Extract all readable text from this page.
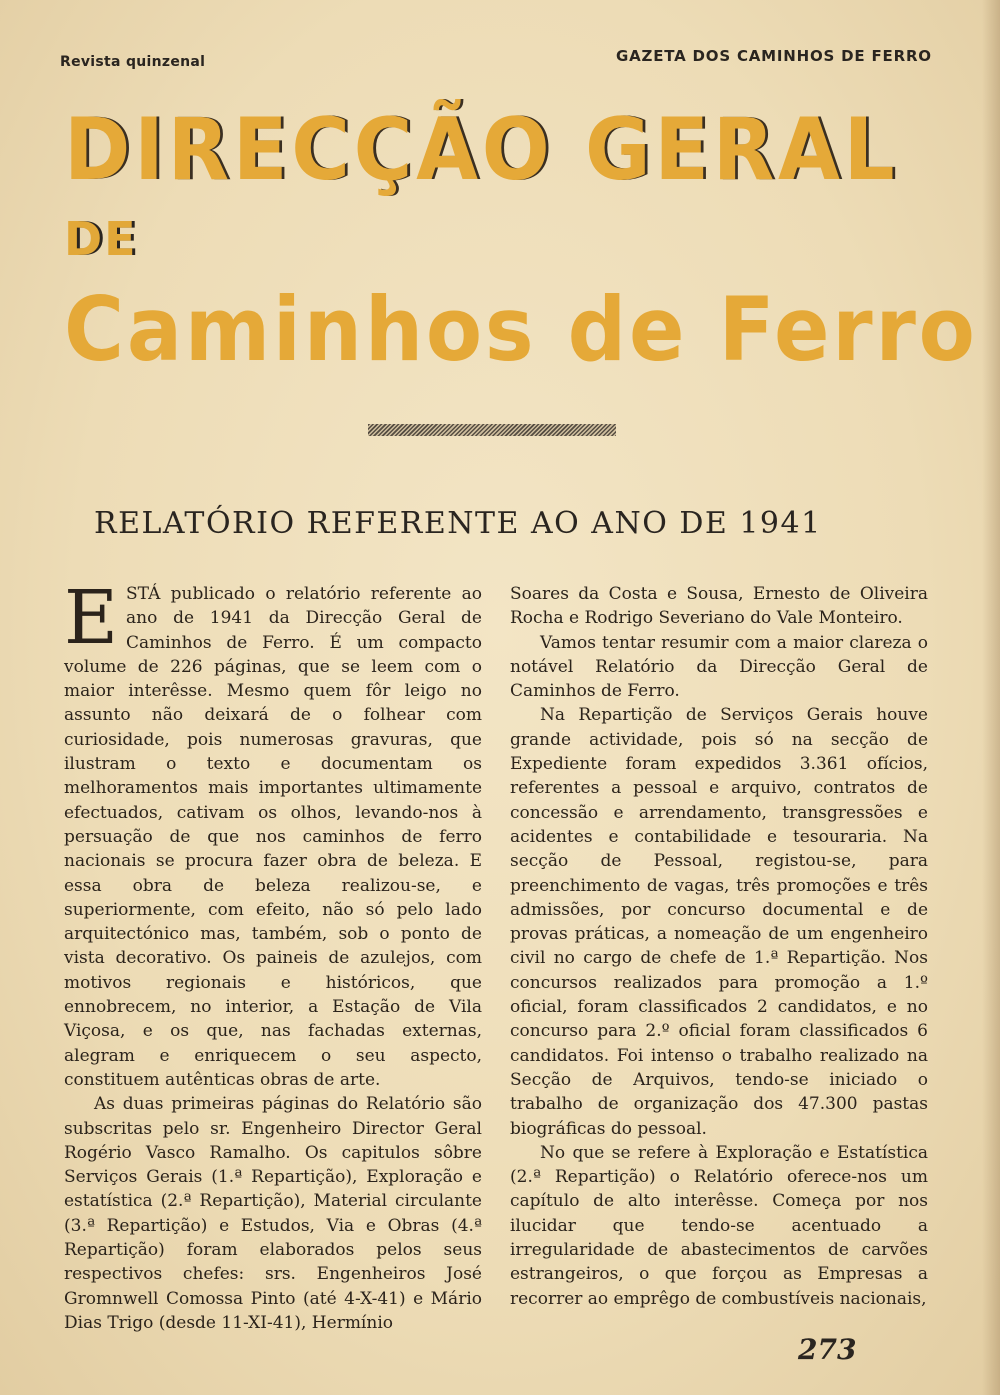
Revista quinzenal	GAZETA DOS CAMINHOS DE FERRO
DIRECÇÃO GERAL
DE
Caminhos de Ferro
RELATÓRIO REFERENTE AO ANO DE 1941

ESTÁ publicado o relatório referente ao ano de 1941 da Direcção Geral de Caminhos de Ferro. É um compacto volume de 226 páginas, que se leem com o maior interêsse. Mesmo quem fôr leigo no assunto não deixará de o folhear com curiosidade, pois numerosas gravuras, que ilustram o texto e documentam os melhoramentos mais importantes ultimamente efectuados, cativam os olhos, levando-nos à persuação de que nos caminhos de ferro nacionais se procura fazer obra de beleza. E essa obra de beleza realizou-se, e superiormente, com efeito, não só pelo lado arquitectónico mas, também, sob o ponto de vista decorativo. Os paineis de azulejos, com motivos regionais e históricos, que ennobrecem, no interior, a Estação de Vila Viçosa, e os que, nas fachadas externas, alegram e enriquecem o seu aspecto, constituem autênticas obras de arte.

As duas primeiras páginas do Relatório são subscritas pelo sr. Engenheiro Director Geral Rogério Vasco Ramalho. Os capitulos sôbre Serviços Gerais (1.ª Repartição), Exploração e estatística (2.ª Repartição), Material circulante (3.ª Repartição) e Estudos, Via e Obras (4.ª Repartição) foram elaborados pelos seus respectivos chefes: srs. Engenheiros José Gromnwell Comossa Pinto (até 4-X-41) e Mário Dias Trigo (desde 11-XI-41), Hermínio

Soares da Costa e Sousa, Ernesto de Oliveira Rocha e Rodrigo Severiano do Vale Monteiro.

Vamos tentar resumir com a maior clareza o notável Relatório da Direcção Geral de Caminhos de Ferro.

Na Repartição de Serviços Gerais houve grande actividade, pois só na secção de Expediente foram expedidos 3.361 ofícios, referentes a pessoal e arquivo, contratos de concessão e arrendamento, transgressões e acidentes e contabilidade e tesouraria. Na secção de Pessoal, registou-se, para preenchimento de vagas, três promoções e três admissões, por concurso documental e de provas práticas, a nomeação de um engenheiro civil no cargo de chefe de 1.ª Repartição. Nos concursos realizados para promoção a 1.º oficial, foram classificados 2 candidatos, e no concurso para 2.º oficial foram classificados 6 candidatos. Foi intenso o trabalho realizado na Secção de Arquivos, tendo-se iniciado o trabalho de organização dos 47.300 pastas biográficas do pessoal.

No que se refere à Exploração e Estatística (2.ª Repartição) o Relatório oferece-nos um capítulo de alto interêsse. Começa por nos ilucidar que tendo-se acentuado a irregularidade de abastecimentos de carvões estrangeiros, o que forçou as Empresas a recorrer ao emprêgo de combustíveis nacionais,

273
